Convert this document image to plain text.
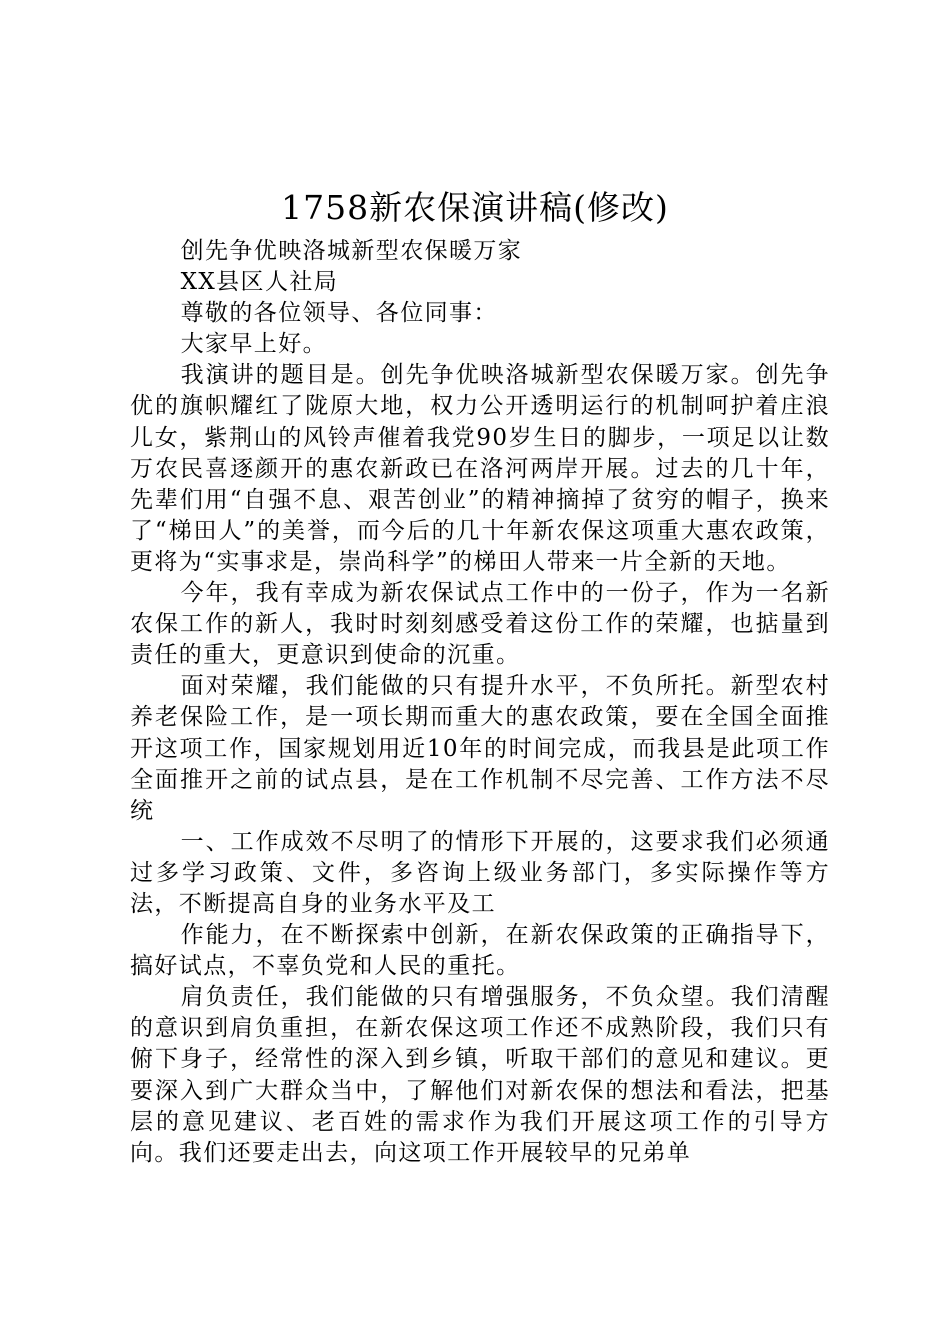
1758新农保演讲稿(修改)

创先争优映洛城新型农保暖万家

XX县区人社局

尊敬的各位领导、各位同事：

大家早上好。

我演讲的题目是。创先争优映洛城新型农保暖万家。创先争优的旗帜耀红了陇原大地，权力公开透明运行的机制呵护着庄浪儿女，紫荆山的风铃声催着我党90岁生日的脚步，一项足以让数万农民喜逐颜开的惠农新政已在洛河两岸开展。过去的几十年，先辈们用“自强不息、艰苦创业”的精神摘掉了贫穷的帽子，换来了“梯田人”的美誉，而今后的几十年新农保这项重大惠农政策，更将为“实事求是，崇尚科学”的梯田人带来一片全新的天地。

今年，我有幸成为新农保试点工作中的一份子，作为一名新农保工作的新人，我时时刻刻感受着这份工作的荣耀，也掂量到责任的重大，更意识到使命的沉重。

面对荣耀，我们能做的只有提升水平，不负所托。新型农村养老保险工作，是一项长期而重大的惠农政策，要在全国全面推开这项工作，国家规划用近10年的时间完成，而我县是此项工作全面推开之前的试点县，是在工作机制不尽完善、工作方法不尽统

一、工作成效不尽明了的情形下开展的，这要求我们必须通过多学习政策、文件，多咨询上级业务部门，多实际操作等方法，不断提高自身的业务水平及工

作能力，在不断探索中创新，在新农保政策的正确指导下，搞好试点，不辜负党和人民的重托。

肩负责任，我们能做的只有增强服务，不负众望。我们清醒的意识到肩负重担，在新农保这项工作还不成熟阶段，我们只有俯下身子，经常性的深入到乡镇，听取干部们的意见和建议。更要深入到广大群众当中，了解他们对新农保的想法和看法，把基层的意见建议、老百姓的需求作为我们开展这项工作的引导方向。我们还要走出去，向这项工作开展较早的兄弟单
